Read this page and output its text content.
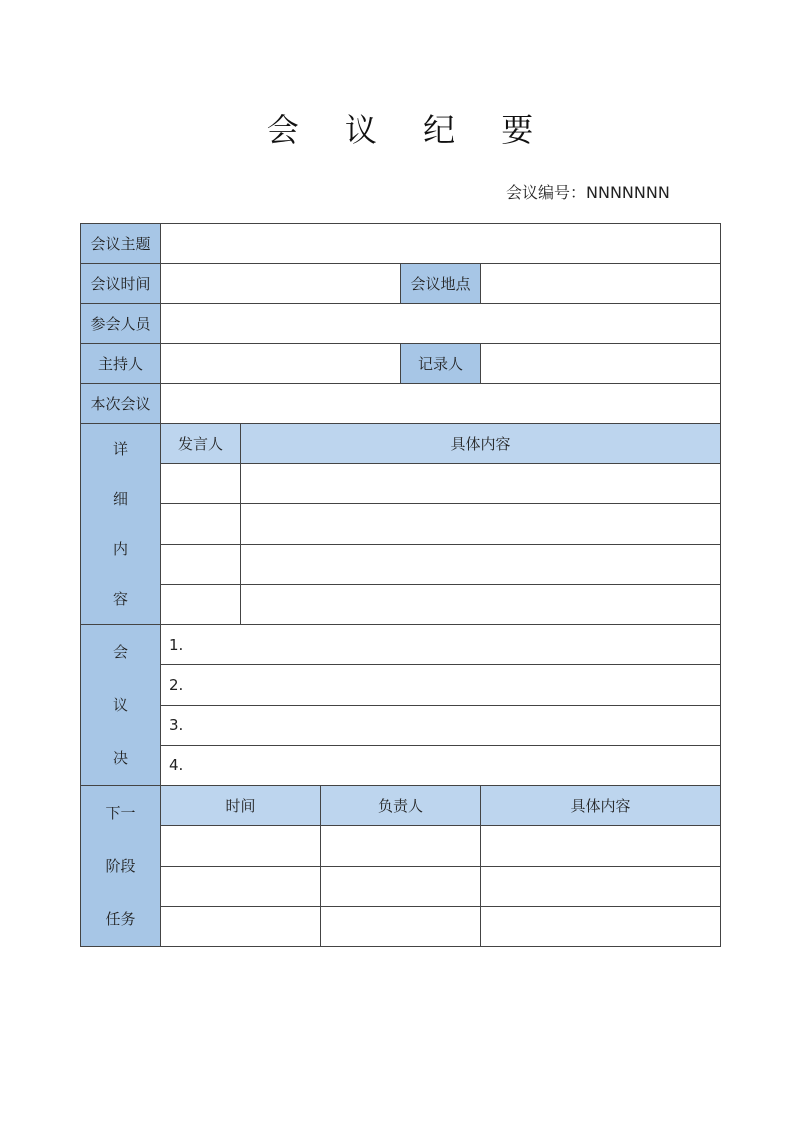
会 议 纪 要
会议编号：NNNNNNN
会议主题					
会议时间				会议地点	
参会人员					
主持人				记录人	
本次会议					

详
细
内
容	发言人	具体内容			

会
议
决	1.				
	2.				
	3.				
	4.				

下一
阶段
任务	时间		负责人		具体内容
